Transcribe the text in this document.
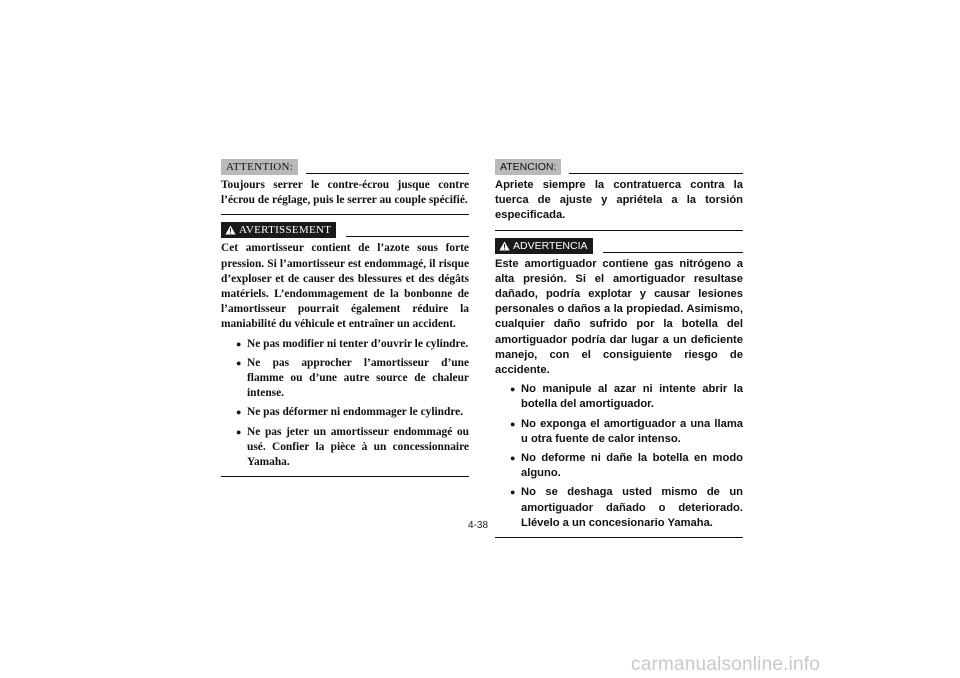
ATTENTION:

Toujours serrer le contre-écrou jusque contre l’écrou de réglage, puis le serrer au couple spécifié.

AVERTISSEMENT

Cet amortisseur contient de l’azote sous forte pression. Si l’amortisseur est endommagé, il risque d’exploser et de causer des blessures et des dégâts matériels. L’endommagement de la bonbonne de l’amortisseur pourrait également réduire la maniabilité du véhicule et entraîner un accident.

● Ne pas modifier ni tenter d’ouvrir le cylindre.
● Ne pas approcher l’amortisseur d’une flamme ou d’une autre source de chaleur intense.
● Ne pas déformer ni endommager le cylindre.
● Ne pas jeter un amortisseur endommagé ou usé. Confier la pièce à un concessionnaire Yamaha.
ATENCION:

Apriete siempre la contratuerca contra la tuerca de ajuste y apriétela a la torsión especificada.

ADVERTENCIA

Este amortiguador contiene gas nitrógeno a alta presión. Si el amortiguador resultase dañado, podría explotar y causar lesiones personales o daños a la propiedad. Asimismo, cualquier daño sufrido por la botella del amortiguador podría dar lugar a un deficiente manejo, con el consiguiente riesgo de accidente.

● No manipule al azar ni intente abrir la botella del amortiguador.
● No exponga el amortiguador a una llama u otra fuente de calor intenso.
● No deforme ni dañe la botella en modo alguno.
● No se deshaga usted mismo de un amortiguador dañado o deteriorado. Llévelo a un concesionario Yamaha.
4-38
carmanualsonline.info
